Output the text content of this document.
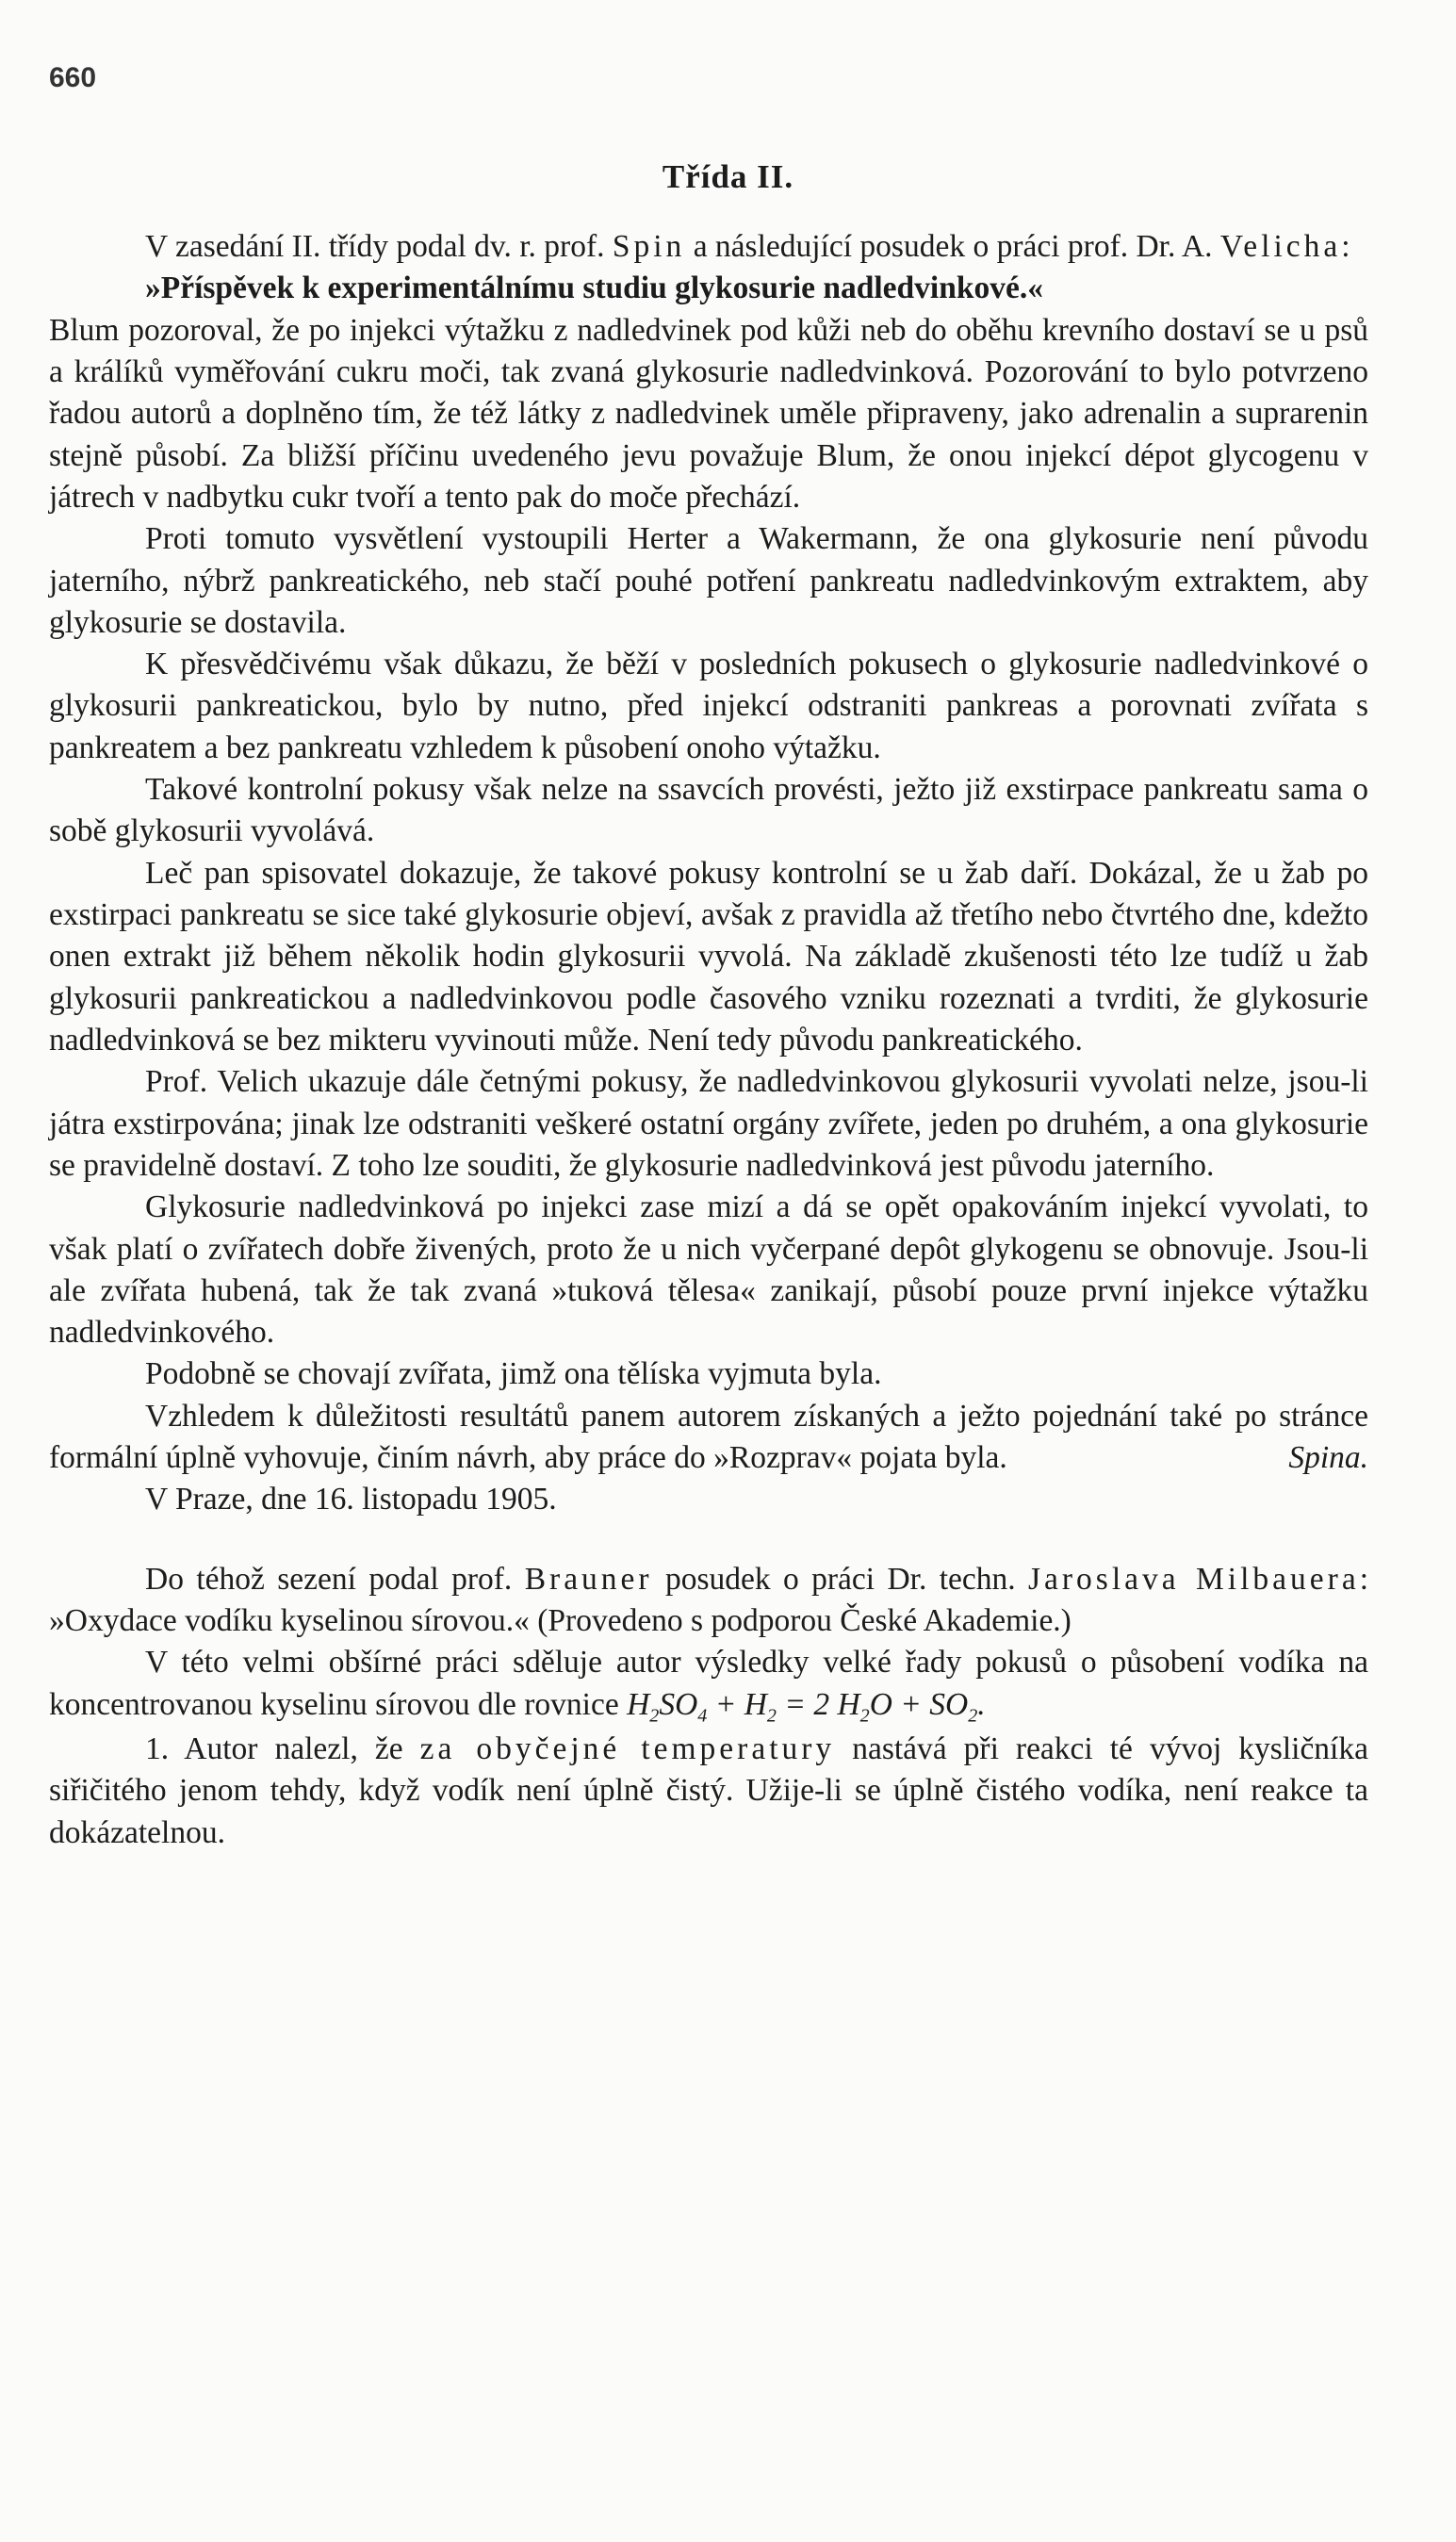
660
Třída II.

V zasedání II. třídy podal dv. r. prof. Spin a následující posudek o práci prof. Dr. A. Velicha:

»Příspěvek k experimentálnímu studiu glykosurie nadledvinkové.«

Blum pozoroval, že po injekci výtažku z nadledvinek pod kůži neb do oběhu krevního dostaví se u psů a králíků vyměřování cukru moči, tak zvaná glykosurie nadledvinková. Pozorování to bylo potvrzeno řadou autorů a doplněno tím, že též látky z nadledvinek uměle připraveny, jako adrenalin a suprarenin stejně působí. Za bližší příčinu uvedeného jevu považuje Blum, že onou injekcí dépot glycogenu v játrech v nadbytku cukr tvoří a tento pak do moče přechází.

Proti tomuto vysvětlení vystoupili Herter a Wakermann, že ona glykosurie není původu jaterního, nýbrž pankreatického, neb stačí pouhé potření pankreatu nadledvinkovým extraktem, aby glykosurie se dostavila.

K přesvědčivému však důkazu, že běží v posledních pokusech o glykosurie nadledvinkové o glykosurii pankreatickou, bylo by nutno, před injekcí odstraniti pankreas a porovnati zvířata s pankreatem a bez pankreatu vzhledem k působení onoho výtažku.

Takové kontrolní pokusy však nelze na ssavcích provésti, ježto již exstirpace pankreatu sama o sobě glykosurii vyvolává.

Leč pan spisovatel dokazuje, že takové pokusy kontrolní se u žab daří. Dokázal, že u žab po exstirpaci pankreatu se sice také glykosurie objeví, avšak z pravidla až třetího nebo čtvrtého dne, kdežto onen extrakt již během několik hodin glykosurii vyvolá. Na základě zkušenosti této lze tudíž u žab glykosurii pankreatickou a nadledvinkovou podle časového vzniku rozeznati a tvrditi, že glykosurie nadledvinková se bez mikteru vyvinouti může. Není tedy původu pankreatického.

Prof. Velich ukazuje dále četnými pokusy, že nadledvinkovou glykosurii vyvolati nelze, jsou-li játra exstirpována; jinak lze odstraniti veškeré ostatní orgány zvířete, jeden po druhém, a ona glykosurie se pravidelně dostaví. Z toho lze souditi, že glykosurie nadledvinková jest původu jaterního.

Glykosurie nadledvinková po injekci zase mizí a dá se opět opakováním injekcí vyvolati, to však platí o zvířatech dobře živených, proto že u nich vyčerpané depôt glykogenu se obnovuje. Jsou-li ale zvířata hubená, tak že tak zvaná »tuková tělesa« zanikají, působí pouze první injekce výtažku nadledvinkového.

Podobně se chovají zvířata, jimž ona tělíska vyjmuta byla.

Vzhledem k důležitosti resultátů panem autorem získaných a ježto pojednání také po stránce formální úplně vyhovuje, činím návrh, aby práce do »Rozprav« pojata byla.	Spina.

V Praze, dne 16. listopadu 1905.

Do téhož sezení podal prof. Brauner posudek o práci Dr. techn. Jaroslava Milbauera: »Oxydace vodíku kyselinou sírovou.« (Provedeno s podporou České Akademie.)

V této velmi obšírné práci sděluje autor výsledky velké řady pokusů o působení vodíka na koncentrovanou kyselinu sírovou dle rovnice $H_2SO_4 + H_2 = 2$ $H_2O + SO_2$.

1. Autor nalezl, že za obyčejné temperatury nastává při reakci té vývoj kysličníka siřičitého jenom tehdy, když vodík není úplně čistý. Užije-li se úplně čistého vodíka, není reakce ta dokázatelnou.
